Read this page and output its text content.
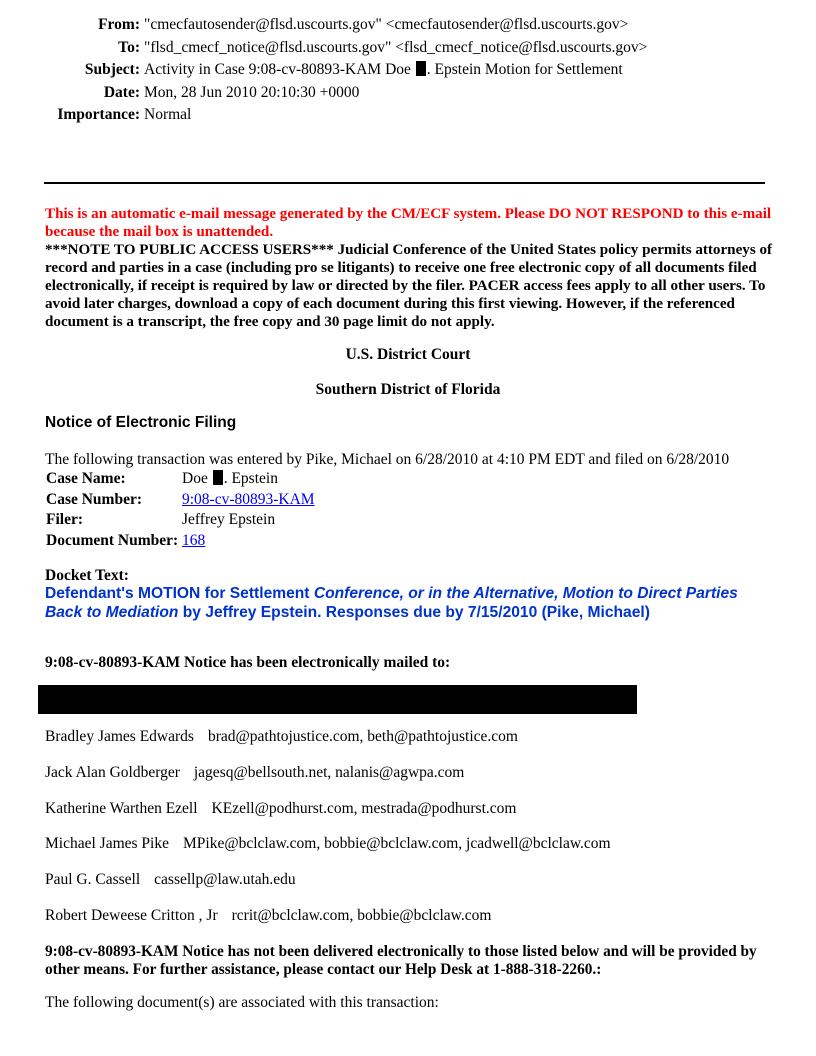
From: "cmecfautosender@flsd.uscourts.gov" <cmecfautosender@flsd.uscourts.gov>
To: "flsd_cmecf_notice@flsd.uscourts.gov" <flsd_cmecf_notice@flsd.uscourts.gov>
Subject: Activity in Case 9:08-cv-80893-KAM Doe . Epstein Motion for Settlement
Date: Mon, 28 Jun 2010 20:10:30 +0000
Importance: Normal
This is an automatic e-mail message generated by the CM/ECF system. Please DO NOT RESPOND to this e-mail because the mail box is unattended.
***NOTE TO PUBLIC ACCESS USERS*** Judicial Conference of the United States policy permits attorneys of record and parties in a case (including pro se litigants) to receive one free electronic copy of all documents filed electronically, if receipt is required by law or directed by the filer. PACER access fees apply to all other users. To avoid later charges, download a copy of each document during this first viewing. However, if the referenced document is a transcript, the free copy and 30 page limit do not apply.
U.S. District Court
Southern District of Florida
Notice of Electronic Filing
The following transaction was entered by Pike, Michael on 6/28/2010 at 4:10 PM EDT and filed on 6/28/2010
Case Name:	Doe . Epstein
Case Number:	9:08-cv-80893-KAM
Filer:	Jeffrey Epstein
Document Number: 168
Docket Text:
Defendant's MOTION for Settlement Conference, or in the Alternative, Motion to Direct Parties Back to Mediation by Jeffrey Epstein. Responses due by 7/15/2010 (Pike, Michael)
9:08-cv-80893-KAM Notice has been electronically mailed to:
Bradley James Edwards brad@pathtojustice.com, beth@pathtojustice.com
Jack Alan Goldberger jagesq@bellsouth.net, nalanis@agwpa.com
Katherine Warthen Ezell KEzell@podhurst.com, mestrada@podhurst.com
Michael James Pike MPike@bclclaw.com, bobbie@bclclaw.com, jcadwell@bclclaw.com
Paul G. Cassell cassellp@law.utah.edu
Robert Deweese Critton , Jr rcrit@bclclaw.com, bobbie@bclclaw.com
9:08-cv-80893-KAM Notice has not been delivered electronically to those listed below and will be provided by other means. For further assistance, please contact our Help Desk at 1-888-318-2260.:
The following document(s) are associated with this transaction:
